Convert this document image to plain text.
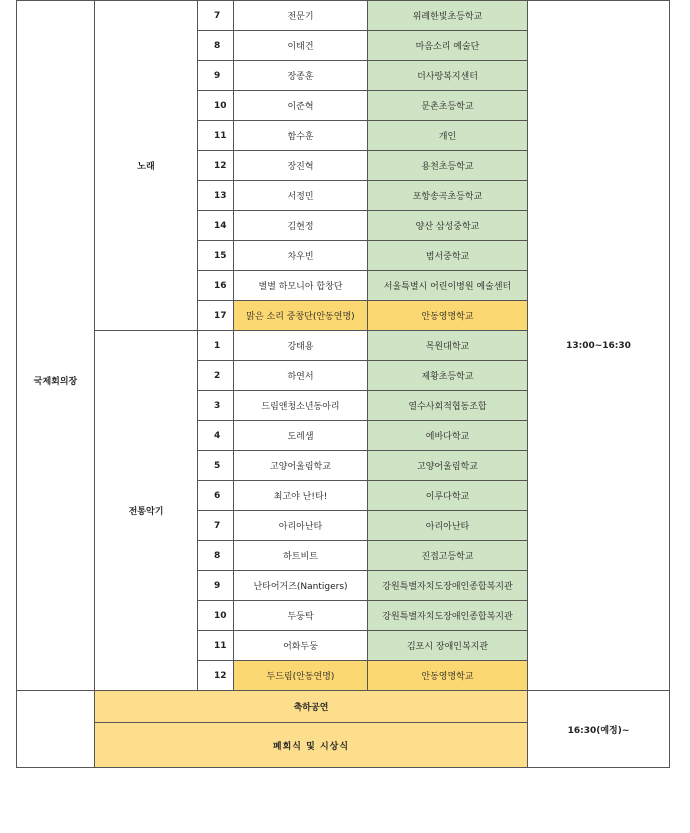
국제회의장	노래	7	전문기	위례한빛초등학교	13:00~16:30
		8	이태건	마음소리 예술단	
		9	장종훈	더사랑복지센터	
		10	이준혁	문촌초등학교	
		11	함수훈	개인	
		12	장진혁	용천초등학교	
		13	서정민	포항송곡초등학교	
		14	김현정	양산 삼성중학교	
		15	차우빈	범서중학교	
		16	별별 하모니아 합창단	서울특별시 어린이병원 예술센터	
		17	맑은 소리 중창단(안동연명)	안동영명학교	
	전통악기	1	강태용	목원대학교	
		2	하연서	제황초등학교	
		3	드림앤청소년동아리	열수사회적협동조합	
		4	도레샘	에바다학교	
		5	고양어울림학교	고양어울림학교	
		6	최고야 난!타!	이루다학교	
		7	아리아난타	아리아난타	
		8	하트비트	진접고등학교	
		9	난타어거즈(Nantigers)	강원특별자치도장애인종합복지관	
		10	두둥탁	강원특별자치도장애인종합복지관	
		11	어화두둥	김포시 장애인복지관	
		12	두드림(안동연명)	안동영명학교	
	축하공연				16:30(예정)~
	폐회식 및 시상식				
